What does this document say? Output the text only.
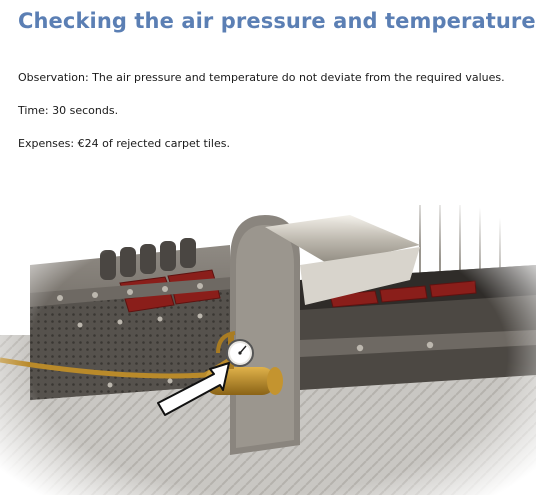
Checking the air pressure and temperature
Observation: The air pressure and temperature do not deviate from the required values.
Time: 30 seconds.
Expenses: €24 of rejected carpet tiles.
